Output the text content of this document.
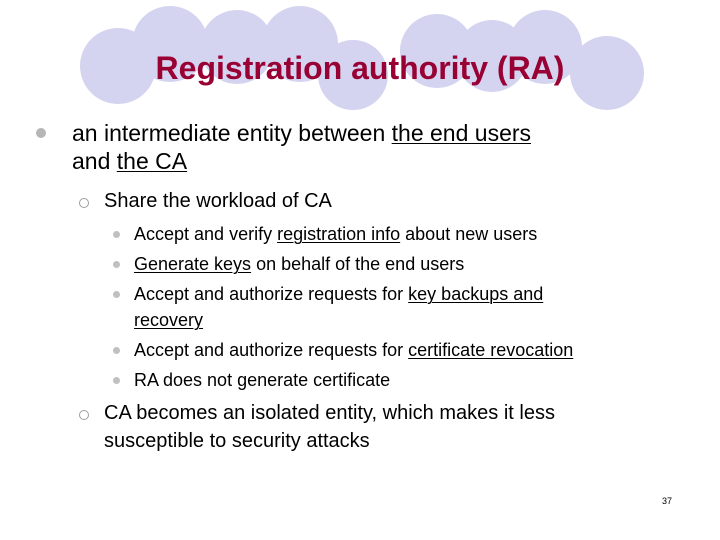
Registration authority (RA)
an intermediate entity between the end users
and the CA
Share the workload of CA
Accept and verify registration info about new users
Generate keys on behalf of the end users
Accept and authorize requests for key backups and
recovery
Accept and authorize requests for certificate revocation
RA does not generate certificate
CA becomes an isolated entity, which makes it less
susceptible to security attacks
37
